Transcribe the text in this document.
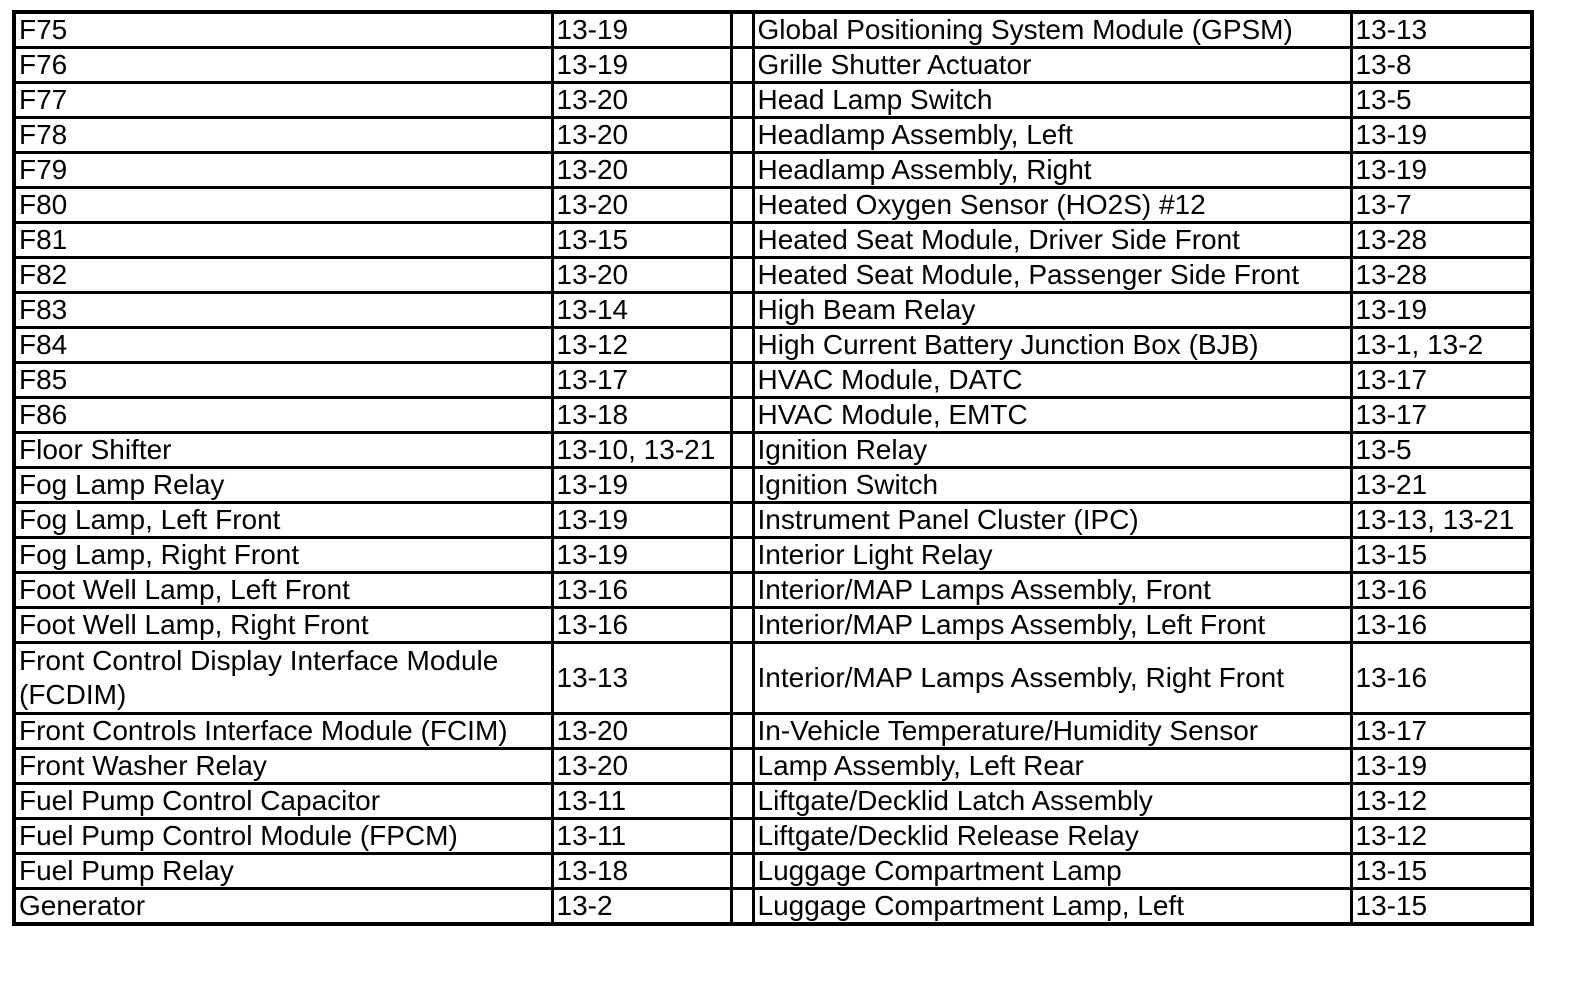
F75	13-19		Global Positioning System Module (GPSM)	13-13
F76	13-19		Grille Shutter Actuator	13-8
F77	13-20		Head Lamp Switch	13-5
F78	13-20		Headlamp Assembly, Left	13-19
F79	13-20		Headlamp Assembly, Right	13-19
F80	13-20		Heated Oxygen Sensor (HO2S) #12	13-7
F81	13-15		Heated Seat Module, Driver Side Front	13-28
F82	13-20		Heated Seat Module, Passenger Side Front	13-28
F83	13-14		High Beam Relay	13-19
F84	13-12		High Current Battery Junction Box (BJB)	13-1, 13-2
F85	13-17		HVAC Module, DATC	13-17
F86	13-18		HVAC Module, EMTC	13-17
Floor Shifter	13-10, 13-21		Ignition Relay	13-5
Fog Lamp Relay	13-19		Ignition Switch	13-21
Fog Lamp, Left Front	13-19		Instrument Panel Cluster (IPC)	13-13, 13-21
Fog Lamp, Right Front	13-19		Interior Light Relay	13-15
Foot Well Lamp, Left Front	13-16		Interior/MAP Lamps Assembly, Front	13-16
Foot Well Lamp, Right Front	13-16		Interior/MAP Lamps Assembly, Left Front	13-16
Front Control Display Interface Module (FCDIM)	13-13		Interior/MAP Lamps Assembly, Right Front	13-16
Front Controls Interface Module (FCIM)	13-20		In-Vehicle Temperature/Humidity Sensor	13-17
Front Washer Relay	13-20		Lamp Assembly, Left Rear	13-19
Fuel Pump Control Capacitor	13-11		Liftgate/Decklid Latch Assembly	13-12
Fuel Pump Control Module (FPCM)	13-11		Liftgate/Decklid Release Relay	13-12
Fuel Pump Relay	13-18		Luggage Compartment Lamp	13-15
Generator	13-2		Luggage Compartment Lamp, Left	13-15
